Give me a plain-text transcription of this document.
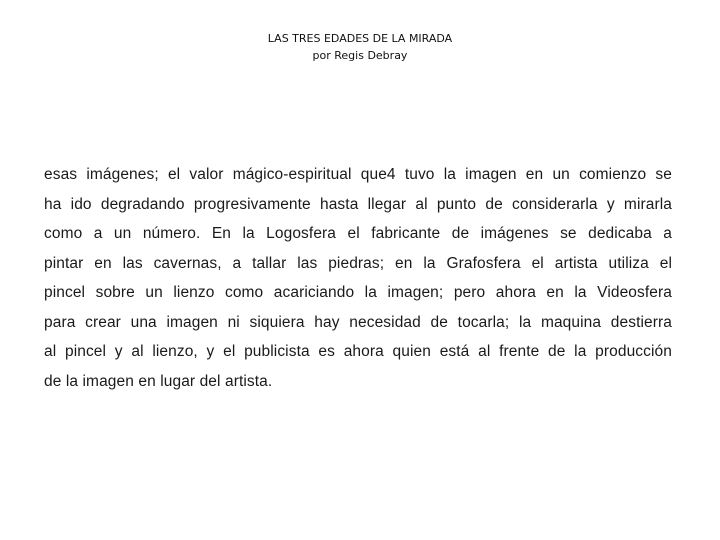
LAS TRES EDADES DE LA MIRADA
por Regis Debray
esas imágenes; el valor mágico-espiritual que4 tuvo la imagen en un comienzo se
ha ido degradando progresivamente hasta llegar al punto de considerarla y mirarla
como a un número. En la Logosfera el fabricante de imágenes se dedicaba a
pintar en las cavernas, a tallar las piedras; en la Grafosfera el artista utiliza el
pincel sobre un lienzo como acariciando la imagen; pero ahora en la Videosfera
para crear una imagen ni siquiera hay necesidad de tocarla; la maquina destierra
al pincel y al lienzo, y el publicista es ahora quien está al frente de la producción
de la imagen en lugar del artista.
